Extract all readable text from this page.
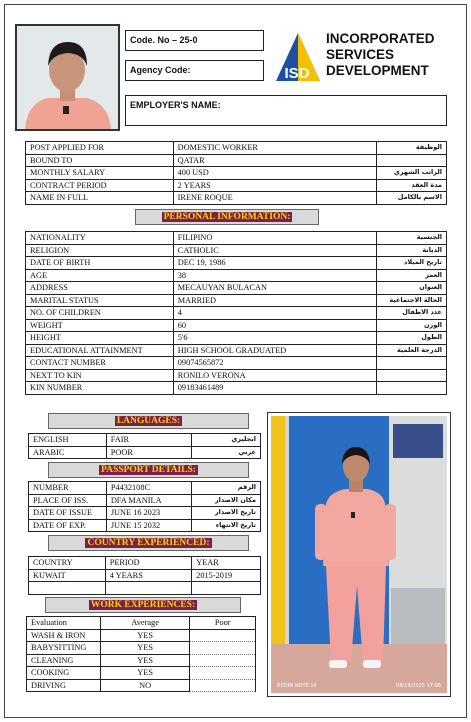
Code. No – 25-0
Agency Code:
EMPLOYER'S NAME:
ISD
INCORPORATED
SERVICES
DEVELOPMENT
POST APPLIED FOR	DOMESTIC WORKER	الوظيفة
BOUND TO	QATAR	
MONTHLY SALARY	400 USD	الراتب الشهري
CONTRACT PERIOD	2 YEARS	مدة العقد
NAME IN FULL	IRENE ROQUE	الاسم بالكامل
PERSONAL INFORMATION:
NATIONALITY	FILIPINO	الجنسية
RELIGION	CATHOLIC	الديانة
DATE OF BIRTH	DEC 19, 1986	تاريخ الميلاد
AGE	38	العمر
ADDRESS	MECAUYAN BULACAN	العنوان
MARITAL STATUS	MARRIED	الحالة الاجتماعية
NO. OF CHILDREN	4	عدد الاطفال
WEIGHT	60	الوزن
HEIGHT	5'6	الطول
EDUCATIONAL ATTAINMENT	HIGH SCHOOL GRADUATED	الدرجة العلمية
CONTACT NUMBER	09074565872	
NEXT TO KIN	RONILO VERONA	
KIN NUMBER	09183461489	
LANGUAGES:
ENGLISH	FAIR	انجليزي
ARABIC	POOR	عربي
PASSPORT DETAILS:
NUMBER	P4432108C	الرقم
PLACE OF ISS.	DFA MANILA	مكان الاصدار
DATE OF ISSUE	JUNE 16 2023	تاريخ الاصدار
DATE OF EXP.	JUNE 15 2032	تاريخ الانتهاء
COUNTRY EXPERIENCED:
COUNTRY	PERIOD	YEAR
KUWAIT	4 YEARS	2015-2019

WORK EXPERIENCES:
Evaluation	Average	Poor
WASH & IRON	YES	
BABYSITTING	YES	
CLEANING	YES	
COOKING	YES	
DRIVING	NO		REDMI NOTE 14	08/19/2025 17:08
